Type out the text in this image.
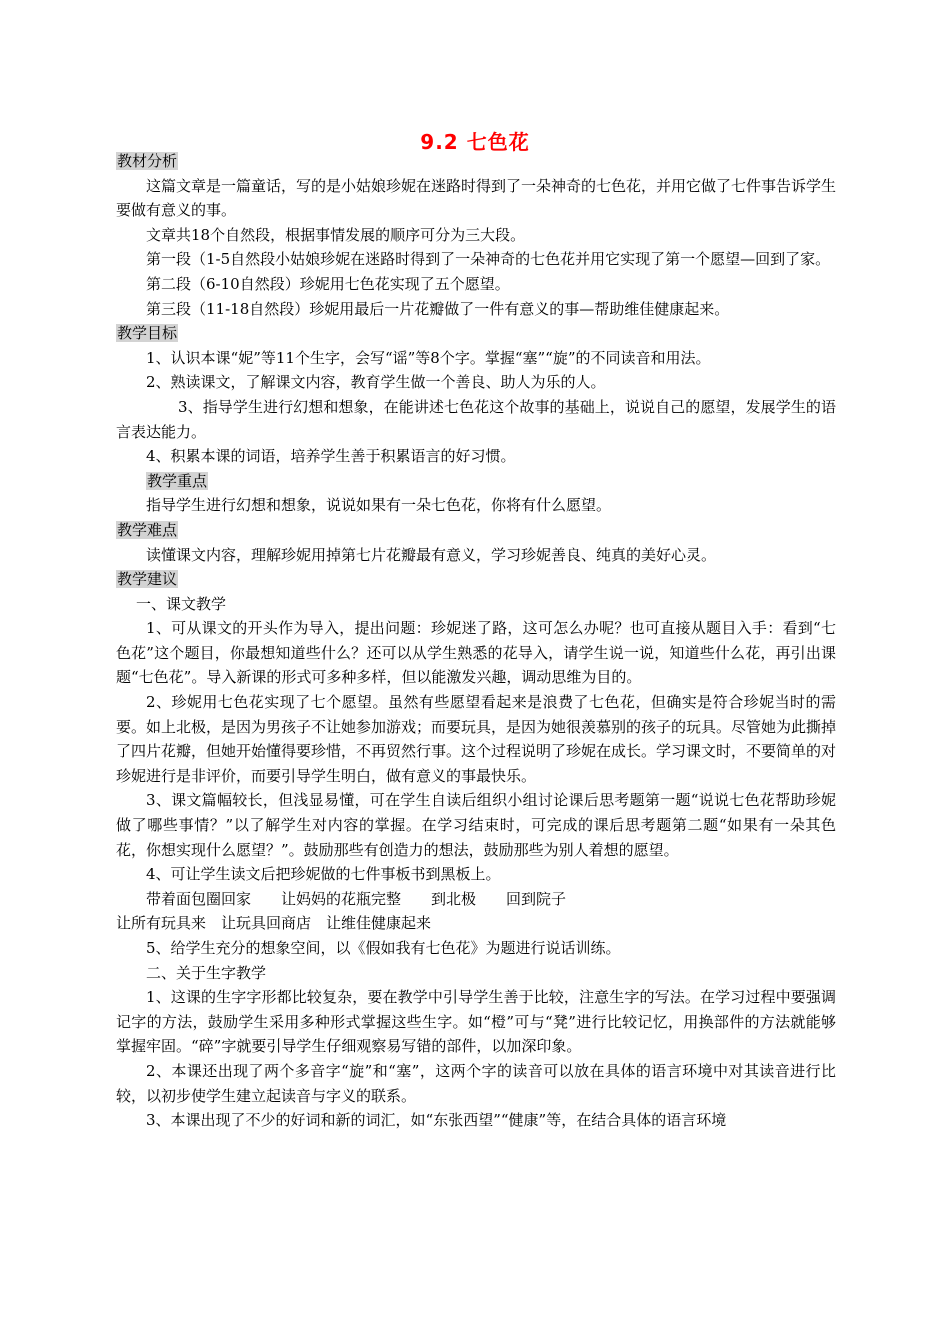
9.2 七色花

教材分析

这篇文章是一篇童话，写的是小姑娘珍妮在迷路时得到了一朵神奇的七色花，并用它做了七件事告诉学生要做有意义的事。

文章共18个自然段，根据事情发展的顺序可分为三大段。

第一段（1-5自然段小姑娘珍妮在迷路时得到了一朵神奇的七色花并用它实现了第一个愿望—回到了家。

第二段（6-10自然段）珍妮用七色花实现了五个愿望。

第三段（11-18自然段）珍妮用最后一片花瓣做了一件有意义的事—帮助维佳健康起来。

教学目标

1、认识本课“妮”等11个生字，会写“谣”等8个字。掌握“塞”“旋”的不同读音和用法。

2、熟读课文，了解课文内容，教育学生做一个善良、助人为乐的人。

3、指导学生进行幻想和想象，在能讲述七色花这个故事的基础上，说说自己的愿望，发展学生的语言表达能力。

4、积累本课的词语，培养学生善于积累语言的好习惯。

教学重点

指导学生进行幻想和想象，说说如果有一朵七色花，你将有什么愿望。

教学难点

读懂课文内容，理解珍妮用掉第七片花瓣最有意义，学习珍妮善良、纯真的美好心灵。

教学建议

一、课文教学

1、可从课文的开头作为导入，提出问题：珍妮迷了路，这可怎么办呢？也可直接从题目入手：看到“七色花”这个题目，你最想知道些什么？还可以从学生熟悉的花导入，请学生说一说，知道些什么花，再引出课题“七色花”。导入新课的形式可多种多样，但以能激发兴趣，调动思维为目的。

2、珍妮用七色花实现了七个愿望。虽然有些愿望看起来是浪费了七色花，但确实是符合珍妮当时的需要。如上北极，是因为男孩子不让她参加游戏；而要玩具，是因为她很羡慕别的孩子的玩具。尽管她为此撕掉了四片花瓣，但她开始懂得要珍惜，不再贸然行事。这个过程说明了珍妮在成长。学习课文时，不要简单的对珍妮进行是非评价，而要引导学生明白，做有意义的事最快乐。

3、课文篇幅较长，但浅显易懂，可在学生自读后组织小组讨论课后思考题第一题“说说七色花帮助珍妮做了哪些事情？”以了解学生对内容的掌握。在学习结束时，可完成的课后思考题第二题“如果有一朵其色花，你想实现什么愿望？”。鼓励那些有创造力的想法，鼓励那些为别人着想的愿望。

4、可让学生读文后把珍妮做的七件事板书到黑板上。

带着面包圈回家　　让妈妈的花瓶完整　　到北极　　回到院子

让所有玩具来　让玩具回商店　让维佳健康起来

5、给学生充分的想象空间，以《假如我有七色花》为题进行说话训练。

二、关于生字教学

1、这课的生字字形都比较复杂，要在教学中引导学生善于比较，注意生字的写法。在学习过程中要强调记字的方法，鼓励学生采用多种形式掌握这些生字。如“橙”可与“凳”进行比较记忆，用换部件的方法就能够掌握牢固。“碎”字就要引导学生仔细观察易写错的部件，以加深印象。

2、本课还出现了两个多音字“旋”和“塞”，这两个字的读音可以放在具体的语言环境中对其读音进行比较，以初步使学生建立起读音与字义的联系。

3、本课出现了不少的好词和新的词汇，如“东张西望”“健康”等，在结合具体的语言环境
